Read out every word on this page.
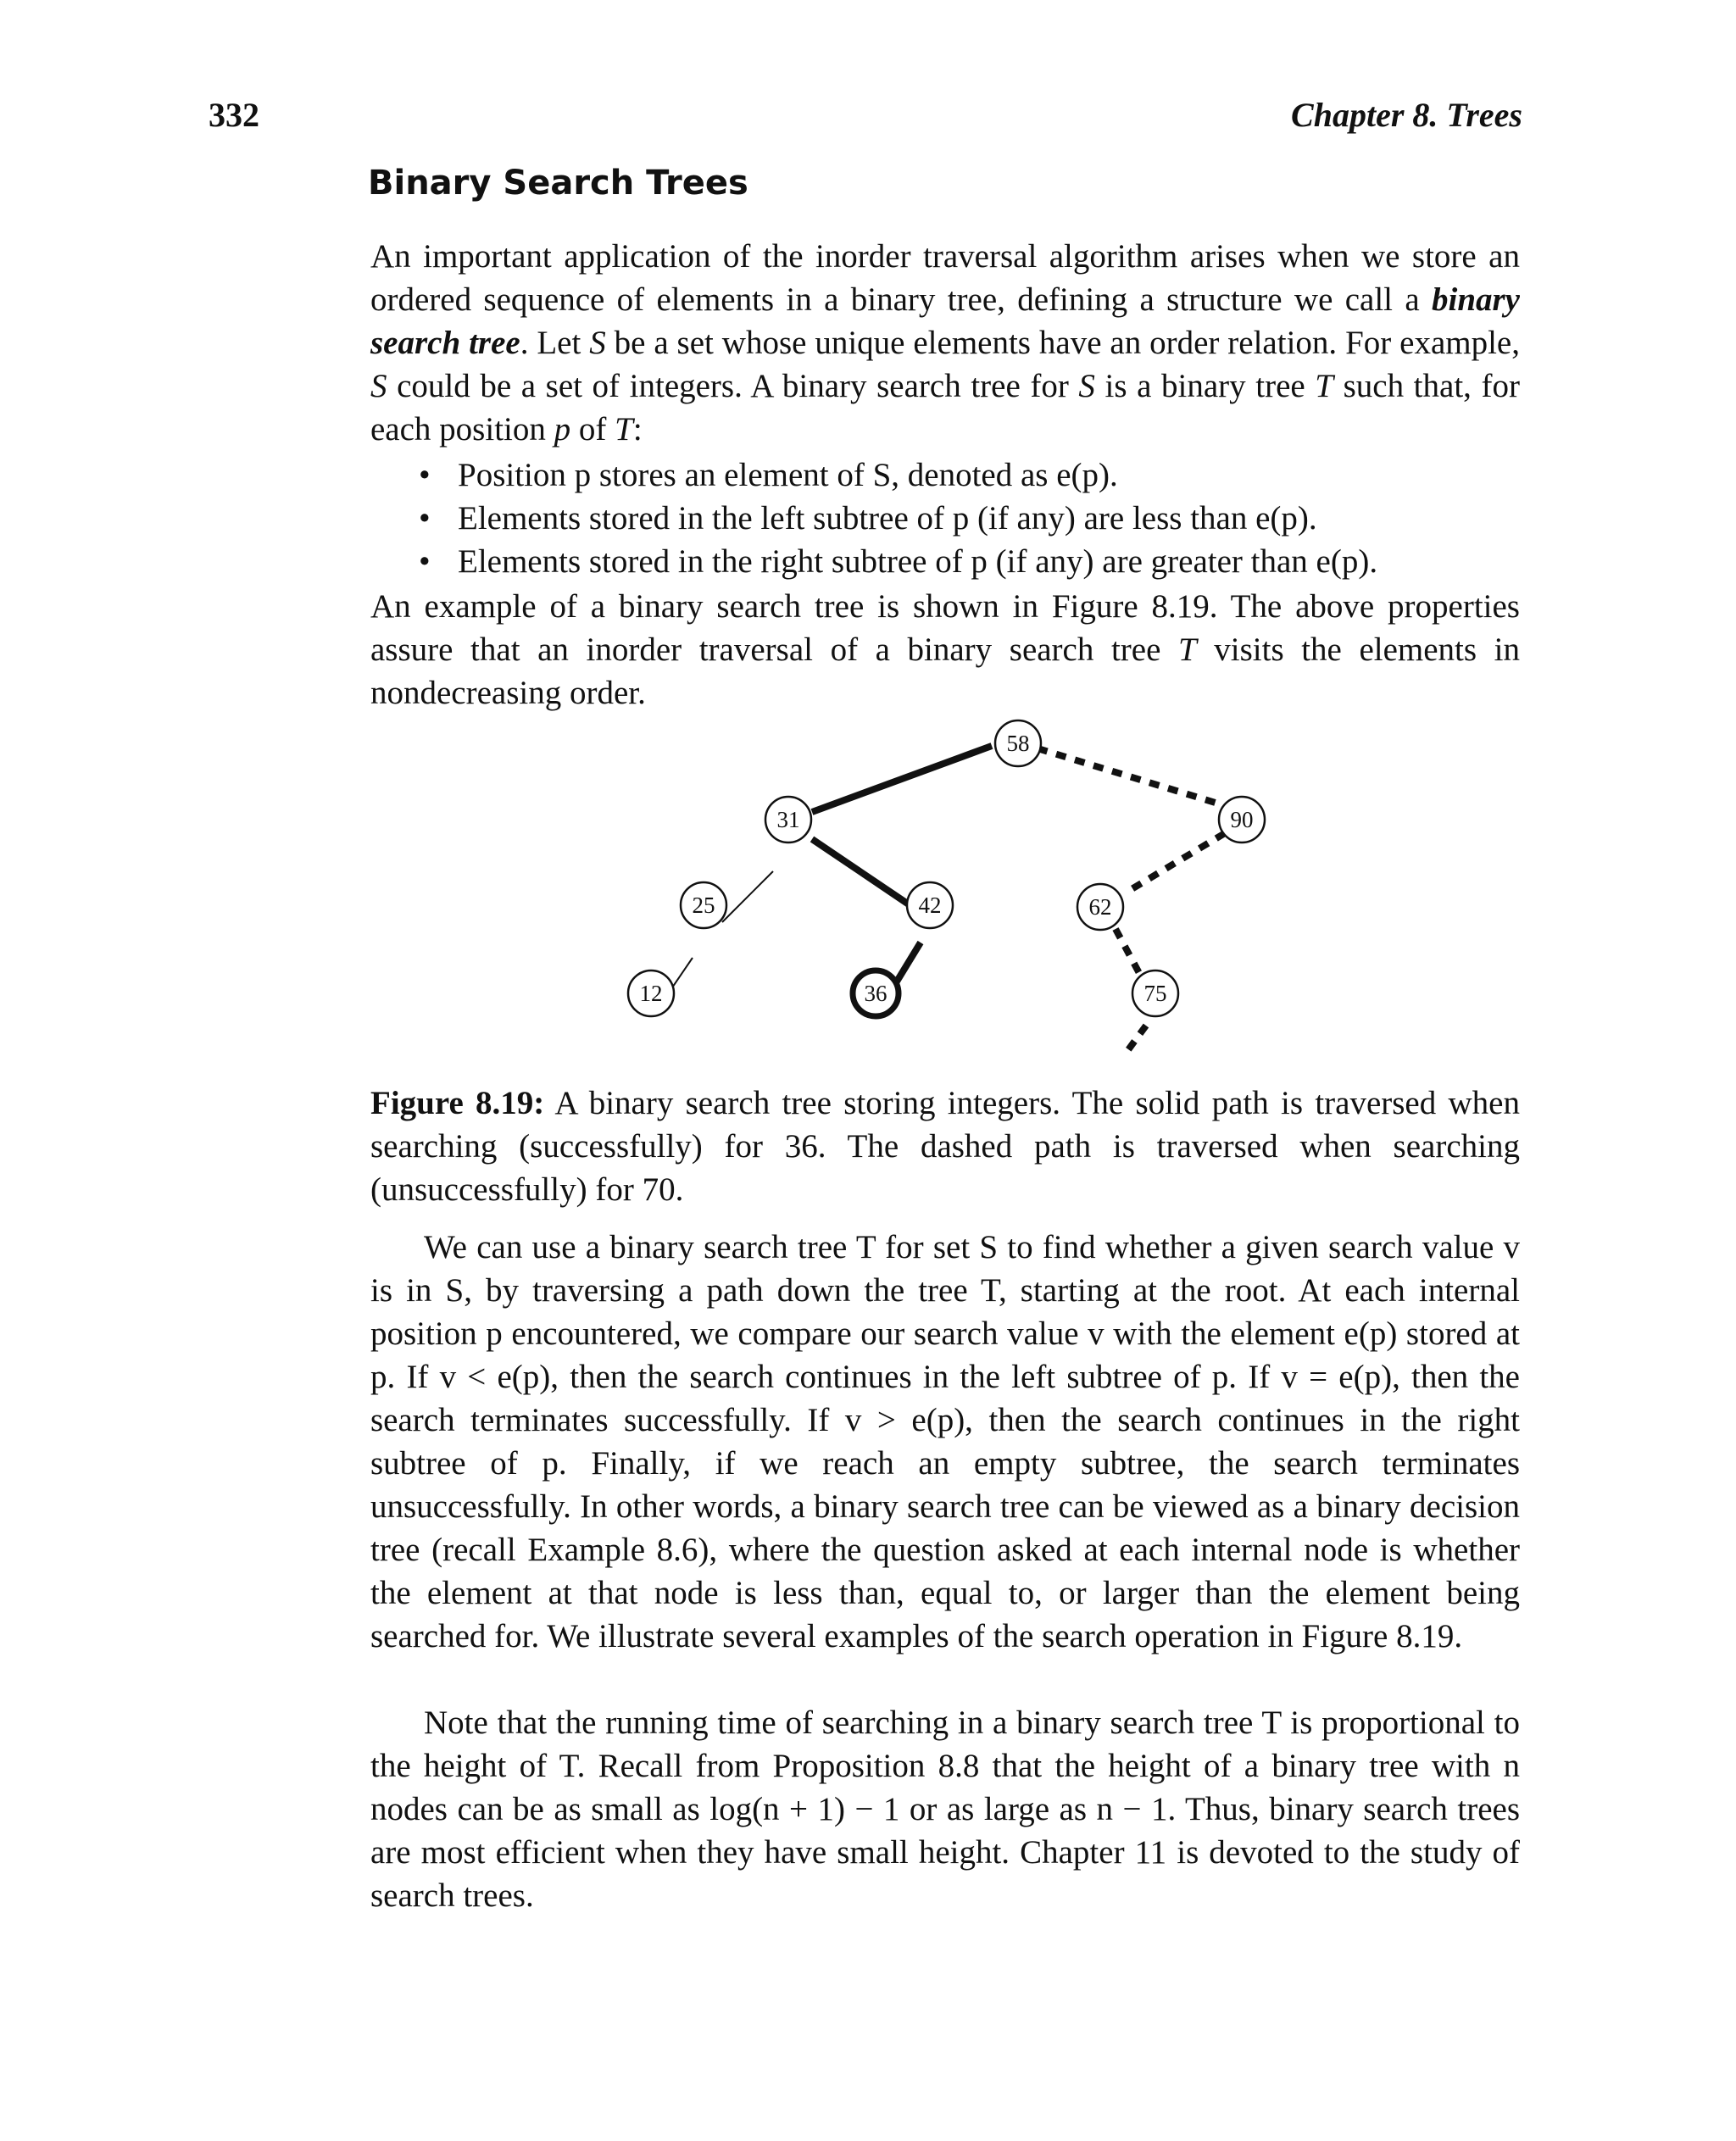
332	Chapter 8. Trees
Binary Search Trees

An important application of the inorder traversal algorithm arises when we store an ordered sequence of elements in a binary tree, defining a structure we call a binary search tree. Let S be a set whose unique elements have an order relation. For example, S could be a set of integers. A binary search tree for S is a binary tree T such that, for each position p of T:

• Position p stores an element of S, denoted as e(p).
• Elements stored in the left subtree of p (if any) are less than e(p).
• Elements stored in the right subtree of p (if any) are greater than e(p).

An example of a binary search tree is shown in Figure 8.19. The above properties assure that an inorder traversal of a binary search tree T visits the elements in nondecreasing order.

58
31	90
25	42	62
12	36	75

Figure 8.19: A binary search tree storing integers. The solid path is traversed when searching (successfully) for 36. The dashed path is traversed when searching (unsuccessfully) for 70.

We can use a binary search tree T for set S to find whether a given search value v is in S, by traversing a path down the tree T, starting at the root. At each internal position p encountered, we compare our search value v with the element e(p) stored at p. If v < e(p), then the search continues in the left subtree of p. If v = e(p), then the search terminates successfully. If v > e(p), then the search continues in the right subtree of p. Finally, if we reach an empty subtree, the search terminates unsuccessfully. In other words, a binary search tree can be viewed as a binary decision tree (recall Example 8.6), where the question asked at each internal node is whether the element at that node is less than, equal to, or larger than the element being searched for. We illustrate several examples of the search operation in Figure 8.19.

Note that the running time of searching in a binary search tree T is proportional to the height of T. Recall from Proposition 8.8 that the height of a binary tree with n nodes can be as small as log(n + 1) − 1 or as large as n − 1. Thus, binary search trees are most efficient when they have small height. Chapter 11 is devoted to the study of search trees.
